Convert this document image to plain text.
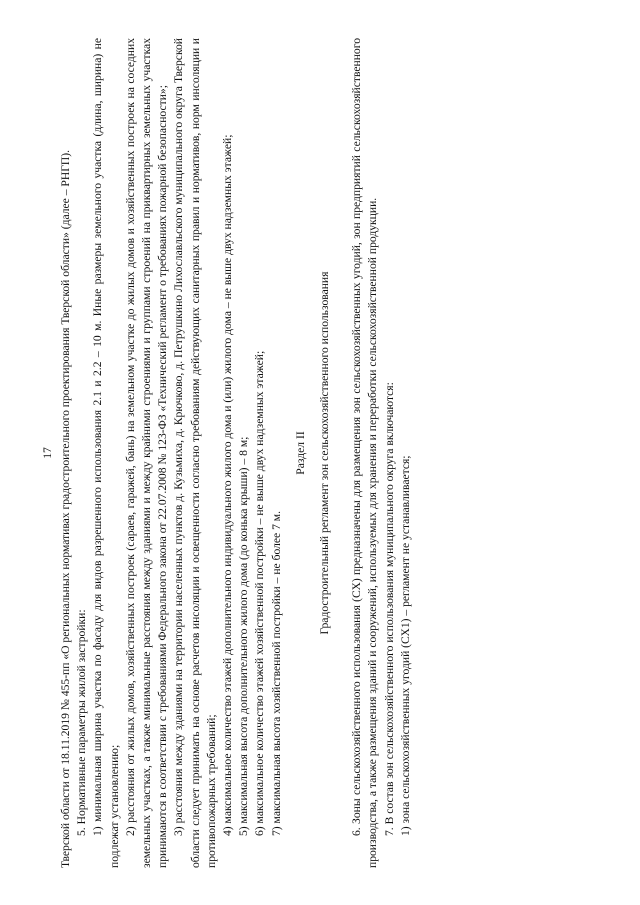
17 Тверской области от 18.11.2019 № 455-пп «О региональных нормативах градостроительного проектирования Тверской области» (далее – РНГП). 5. Нормативные параметры жилой застройки: 1) минимальная ширина участка по фасаду для видов разрешенного использования 2.1 и 2.2 – 10 м. Иные размеры земельного участка (длина, ширина) не подлежат установлению; 2) расстояния от жилых домов, хозяйственных построек (сараев, гаражей, бань) на земельном участке до жилых домов и хозяйственных построек на соседних земельных участках, а также минимальные расстояния между зданиями и между крайними строениями и группами строений на приквартирных земельных участках принимаются в соответствии с требованиями Федерального закона от 22.07.2008 № 123-ФЗ «Технический регламент о требованиях пожарной безопасности»; 3) расстояния между зданиями на территории населенных пунктов д. Кузьмиха, д. Крючково, д. Петрушкино Лихославльского муниципального округа Тверской области следует принимать на основе расчетов инсоляции и освещенности согласно требованиям действующих санитарных правил и нормативов, норм инсоляции и противопожарных требований; 4) максимальное количество этажей дополнительного индивидуального жилого дома и (или) жилого дома – не выше двух надземных этажей; 5) максимальная высота дополнительного жилого дома (до конька крыши) – 8 м; 6) максимальное количество этажей хозяйственной постройки – не выше двух надземных этажей; 7) максимальная высота хозяйственной постройки – не более 7 м.

Раздел II Градостроительный регламент зон сельскохозяйственного использования 6. Зоны сельскохозяйственного использования (СХ) предназначены для размещения зон сельскохозяйственных угодий, зон предприятий сельскохозяйственного производства, а также размещения зданий и сооружений, используемых для хранения и переработки сельскохозяйственной продукции. 7. В состав зон сельскохозяйственного использования муниципального округа включаются: 1) зона сельскохозяйственных угодий (СХ1) – регламент не устанавливается;
